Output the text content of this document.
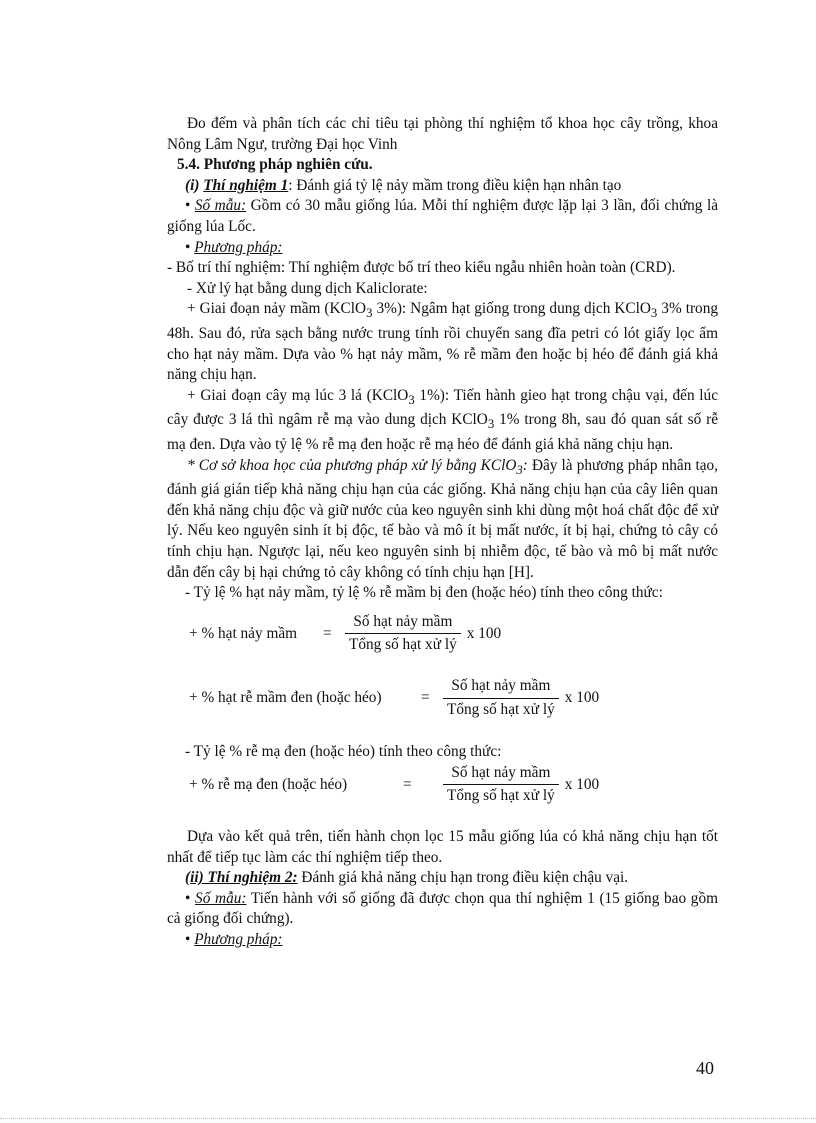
Đo đếm và phân tích các chỉ tiêu tại phòng thí nghiệm tổ khoa học cây trồng, khoa Nông Lâm Ngư, trường Đại học Vinh

5.4. Phương pháp nghiên cứu.

(i) Thí nghiệm 1: Đánh giá tỷ lệ nảy mầm trong điều kiện hạn nhân tạo

• Số mẫu: Gồm có 30 mẫu giống lúa. Mỗi thí nghiệm được lặp lại 3 lần, đối chứng là giống lúa Lốc.

• Phương pháp:

- Bố trí thí nghiệm: Thí nghiệm được bố trí theo kiểu ngẫu nhiên hoàn toàn (CRD).

- Xử lý hạt bằng dung dịch Kaliclorate:

+ Giai đoạn nảy mầm (KClO$_3$ 3%): Ngâm hạt giống trong dung dịch KClO$_3$ 3% trong 48h. Sau đó, rửa sạch bằng nước trung tính rồi chuyển sang đĩa petri có lót giấy lọc ẩm cho hạt nảy mầm. Dựa vào % hạt nảy mầm, % rễ mầm đen hoặc bị héo để đánh giá khả năng chịu hạn.

+ Giai đoạn cây mạ lúc 3 lá (KClO$_3$ 1%): Tiến hành gieo hạt trong chậu vại, đến lúc cây được 3 lá thì ngâm rễ mạ vào dung dịch KClO$_3$ 1% trong 8h, sau đó quan sát số rễ mạ đen. Dựa vào tỷ lệ % rễ mạ đen hoặc rễ mạ héo để đánh giá khả năng chịu hạn.

* Cơ sở khoa học của phương pháp xử lý bằng KClO$_3$: Đây là phương pháp nhân tạo, đánh giá gián tiếp khả năng chịu hạn của các giống. Khả năng chịu hạn của cây liên quan đến khả năng chịu độc và giữ nước của keo nguyên sinh khi dùng một hoá chất độc để xử lý. Nếu keo nguyên sinh ít bị độc, tế bào và mô ít bị mất nước, ít bị hại, chứng tỏ cây có tính chịu hạn. Ngược lại, nếu keo nguyên sinh bị nhiễm độc, tế bào và mô bị mất nước dẫn đến cây bị hại chứng tỏ cây không có tính chịu hạn [H].

- Tỷ lệ % hạt nảy mầm, tỷ lệ % rễ mầm bị đen (hoặc héo) tính theo công thức:

+ % hạt nảy mầm	= $\frac{\text{Số hạt nảy mầm}}{\text{Tổng số hạt xử lý}}$ x 100
+ % hạt rễ mầm đen (hoặc héo)	= $\frac{\text{Số hạt nảy mầm}}{\text{Tổng số hạt xử lý}}$ x 100

- Tỷ lệ % rễ mạ đen (hoặc héo) tính theo công thức:

+ % rễ mạ đen (hoặc héo)	=	$\frac{\text{Số hạt nảy mầm}}{\text{Tổng số hạt xử lý}}$ x 100

Dựa vào kết quả trên, tiến hành chọn lọc 15 mẫu giống lúa có khả năng chịu hạn tốt nhất để tiếp tục làm các thí nghiệm tiếp theo.

(ii) Thí nghiệm 2: Đánh giá khả năng chịu hạn trong điều kiện chậu vại.

• Số mẫu: Tiến hành với số giống đã được chọn qua thí nghiệm 1 (15 giống bao gồm cả giống đối chứng).

• Phương pháp:

40
